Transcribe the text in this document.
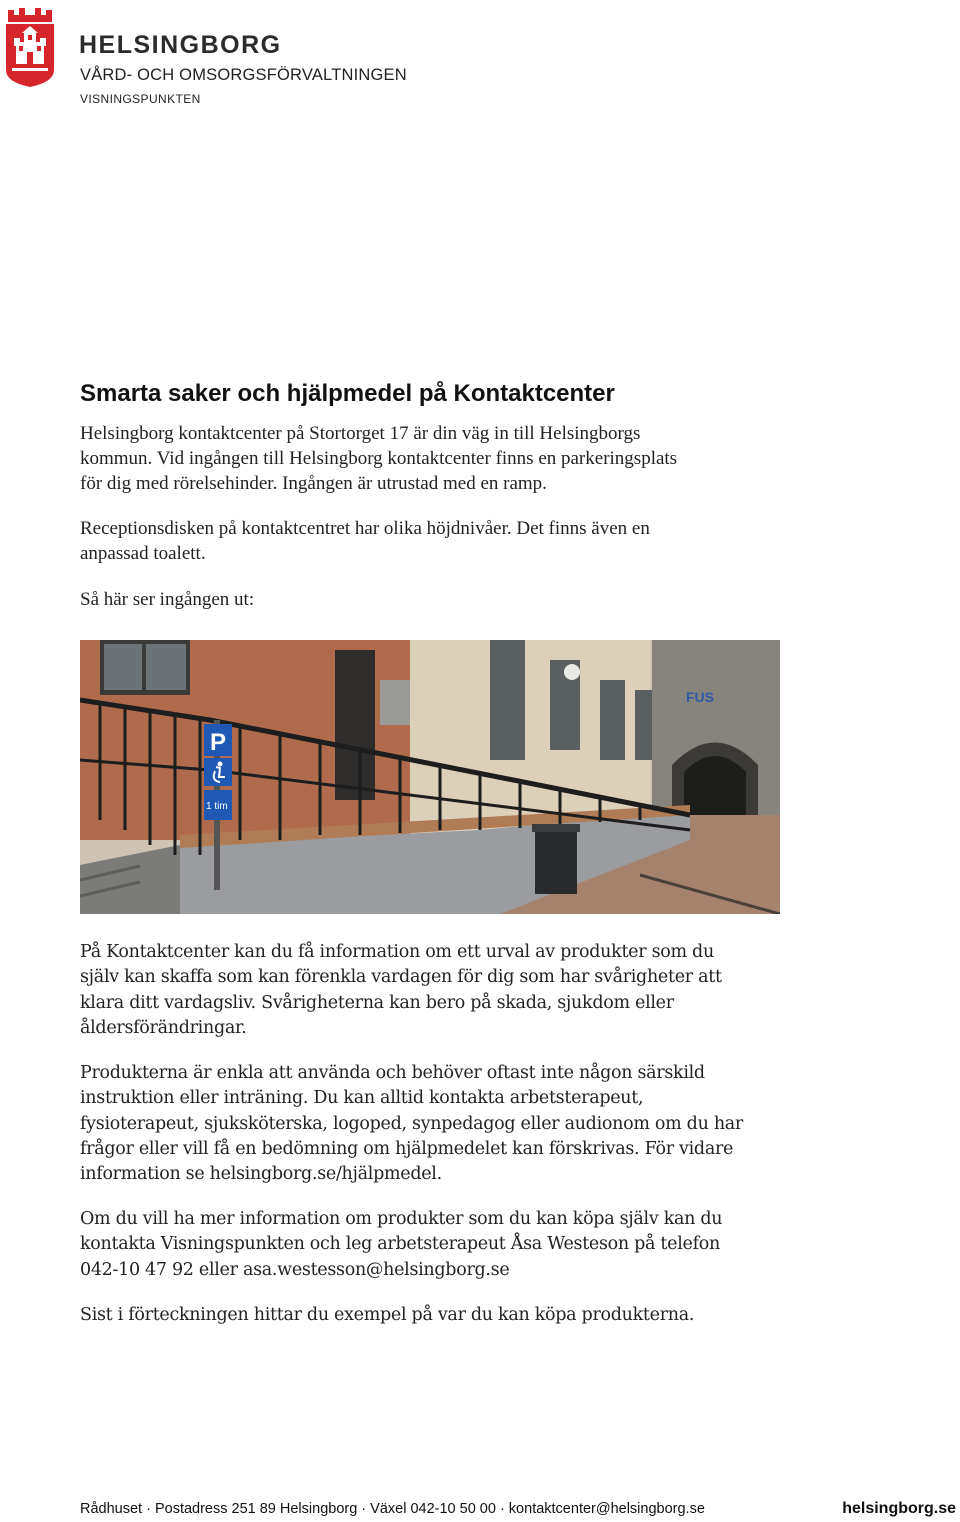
HELSINGBORG
VÅRD- OCH OMSORGSFÖRVALTNINGEN
VISNINGSPUNKTEN
Smarta saker och hjälpmedel på Kontaktcenter

Helsingborg kontaktcenter på Stortorget 17 är din väg in till Helsingborgs
kommun. Vid ingången till Helsingborg kontaktcenter finns en parkeringsplats
för dig med rörelsehinder. Ingången är utrustad med en ramp.

Receptionsdisken på kontaktcentret har olika höjdnivåer. Det finns även en
anpassad toalett.

Så här ser ingången ut:

FUS
P
1 tim

På Kontaktcenter kan du få information om ett urval av produkter som du
själv kan skaffa som kan förenkla vardagen för dig som har svårigheter att
klara ditt vardagsliv. Svårigheterna kan bero på skada, sjukdom eller
åldersförändringar.

Produkterna är enkla att använda och behöver oftast inte någon särskild
instruktion eller inträning. Du kan alltid kontakta arbetsterapeut,
fysioterapeut, sjuksköterska, logoped, synpedagog eller audionom om du har
frågor eller vill få en bedömning om hjälpmedelet kan förskrivas. För vidare
information se helsingborg.se/hjälpmedel.

Om du vill ha mer information om produkter som du kan köpa själv kan du
kontakta Visningspunkten och leg arbetsterapeut Åsa Westeson på telefon
042-10 47 92 eller asa.westesson@helsingborg.se

Sist i förteckningen hittar du exempel på var du kan köpa produkterna.

Rådhuset · Postadress 251 89 Helsingborg · Växel 042-10 50 00 · kontaktcenter@helsingborg.se	helsingborg.se
